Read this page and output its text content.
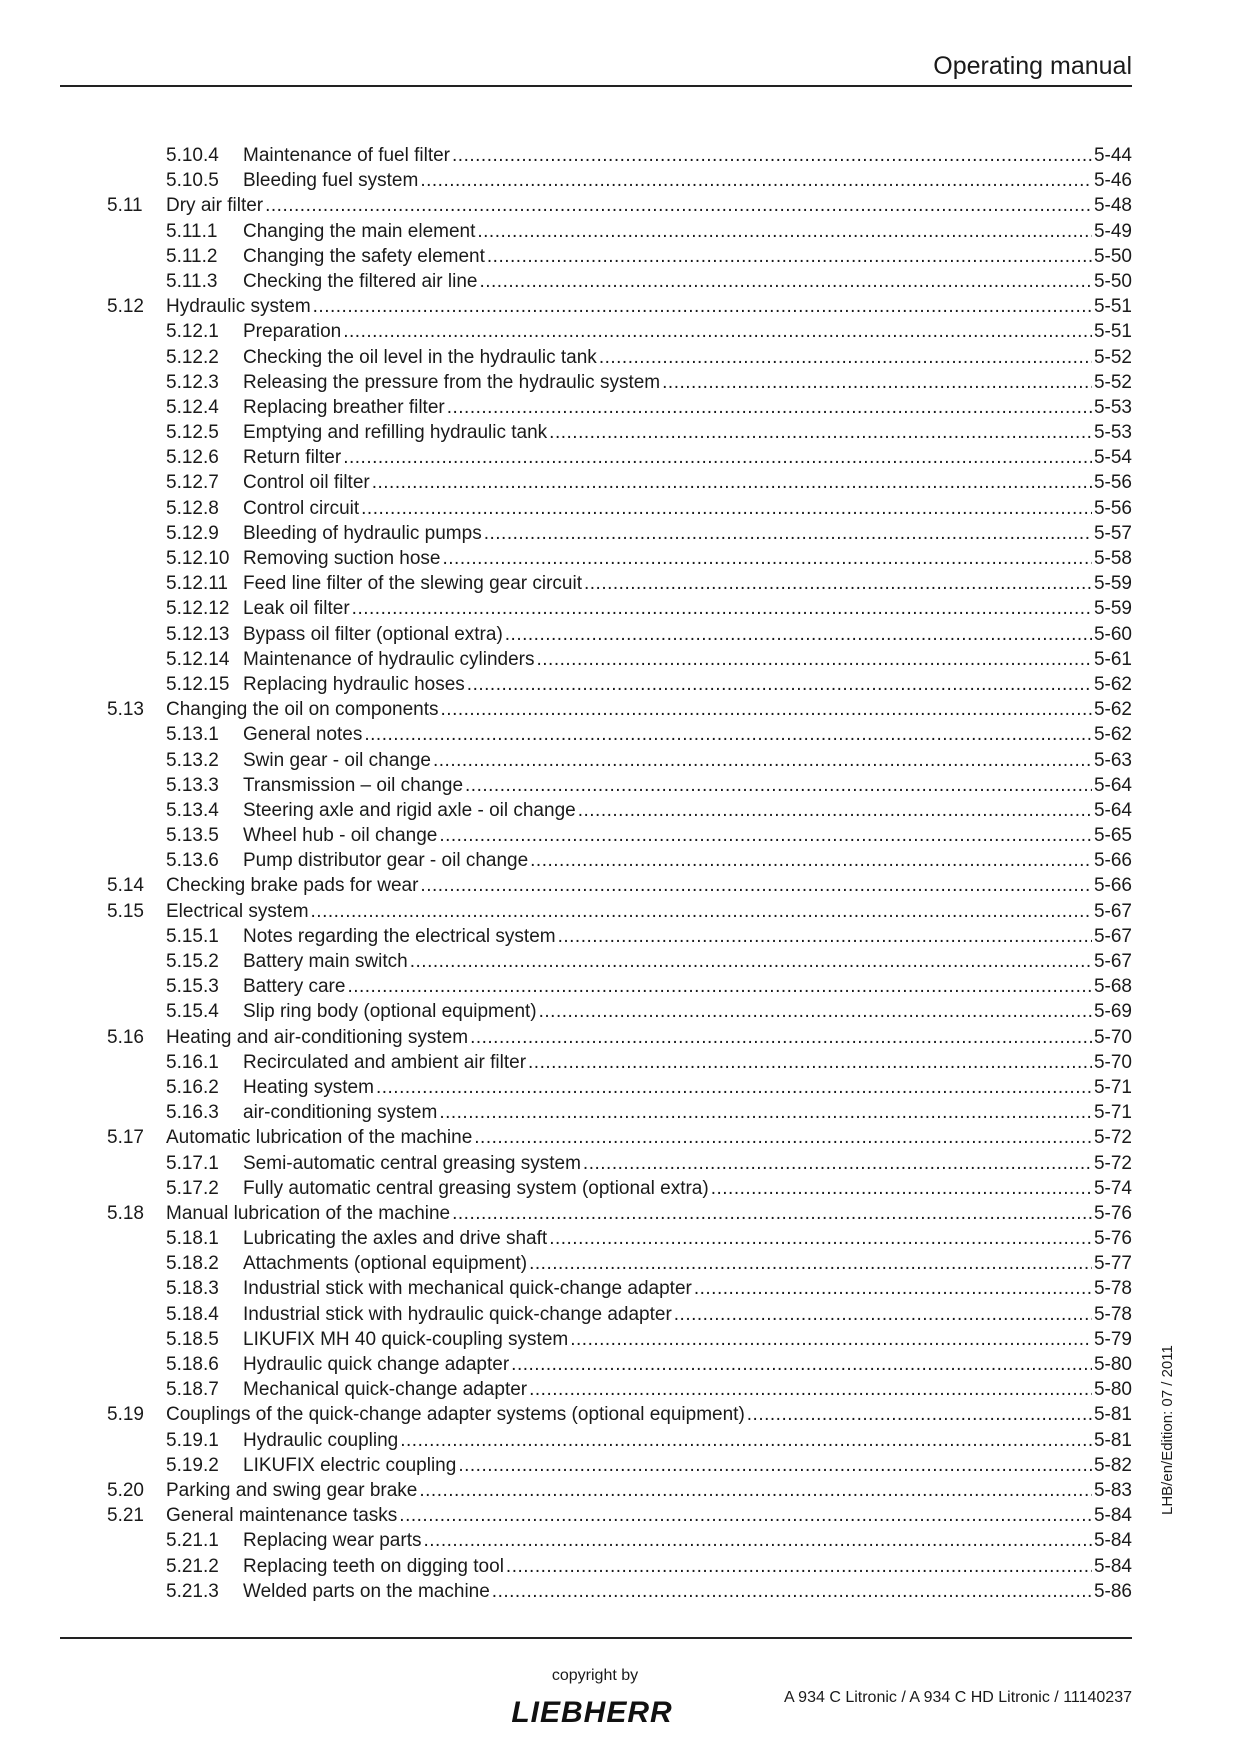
Operating manual
5.10.4	Maintenance of fuel filter .....	5-44
5.10.5	Bleeding fuel system .....	5-46
5.11	Dry air filter .....	5-48
5.11.1	Changing the main element .....	5-49
5.11.2	Changing the safety element .....	5-50
5.11.3	Checking the filtered air line .....	5-50
5.12	Hydraulic system .....	5-51
5.12.1	Preparation .....	5-51
5.12.2	Checking the oil level in the hydraulic tank .....	5-52
5.12.3	Releasing the pressure from the hydraulic system .....	5-52
5.12.4	Replacing breather filter .....	5-53
5.12.5	Emptying and refilling hydraulic tank .....	5-53
5.12.6	Return filter .....	5-54
5.12.7	Control oil filter .....	5-56
5.12.8	Control circuit .....	5-56
5.12.9	Bleeding of hydraulic pumps .....	5-57
5.12.10 Removing suction hose .....	5-58
5.12.11 Feed line filter of the slewing gear circuit .....	5-59
5.12.12 Leak oil filter .....	5-59
5.12.13 Bypass oil filter (optional extra) .....	5-60
5.12.14 Maintenance of hydraulic cylinders .....	5-61
5.12.15 Replacing hydraulic hoses .....	5-62
5.13	Changing the oil on components .....	5-62
5.13.1	General notes .....	5-62
5.13.2	Swin gear - oil change .....	5-63
5.13.3	Transmission – oil change .....	5-64
5.13.4	Steering axle and rigid axle - oil change .....	5-64
5.13.5	Wheel hub - oil change .....	5-65
5.13.6	Pump distributor gear - oil change .....	5-66
5.14	Checking brake pads for wear .....	5-66
5.15	Electrical system .....	5-67
5.15.1	Notes regarding the electrical system .....	5-67
5.15.2	Battery main switch .....	5-67
5.15.3	Battery care .....	5-68
5.15.4	Slip ring body (optional equipment) .....	5-69
5.16	Heating and air-conditioning system .....	5-70
5.16.1	Recirculated and ambient air filter .....	5-70
5.16.2	Heating system .....	5-71
5.16.3	air-conditioning system .....	5-71
5.17	Automatic lubrication of the machine .....	5-72
5.17.1	Semi-automatic central greasing system .....	5-72
5.17.2	Fully automatic central greasing system (optional extra) .....	5-74
5.18	Manual lubrication of the machine .....	5-76
5.18.1	Lubricating the axles and drive shaft .....	5-76
5.18.2	Attachments (optional equipment) .....	5-77
5.18.3	Industrial stick with mechanical quick-change adapter .....	5-78
5.18.4	Industrial stick with hydraulic quick-change adapter .....	5-78
5.18.5	LIKUFIX MH 40 quick-coupling system .....	5-79
5.18.6	Hydraulic quick change adapter .....	5-80
5.18.7	Mechanical quick-change adapter .....	5-80
5.19	Couplings of the quick-change adapter systems (optional equipment) .....	5-81
5.19.1	Hydraulic coupling .....	5-81
5.19.2	LIKUFIX electric coupling .....	5-82
5.20	Parking and swing gear brake .....	5-83
5.21	General maintenance tasks .....	5-84
5.21.1	Replacing wear parts .....	5-84
5.21.2	Replacing teeth on digging tool .....	5-84
5.21.3	Welded parts on the machine .....	5-86
LHB/en/Edition: 07 / 2011
copyright by
LIEBHERR	A 934 C Litronic / A 934 C HD Litronic / 11140237
